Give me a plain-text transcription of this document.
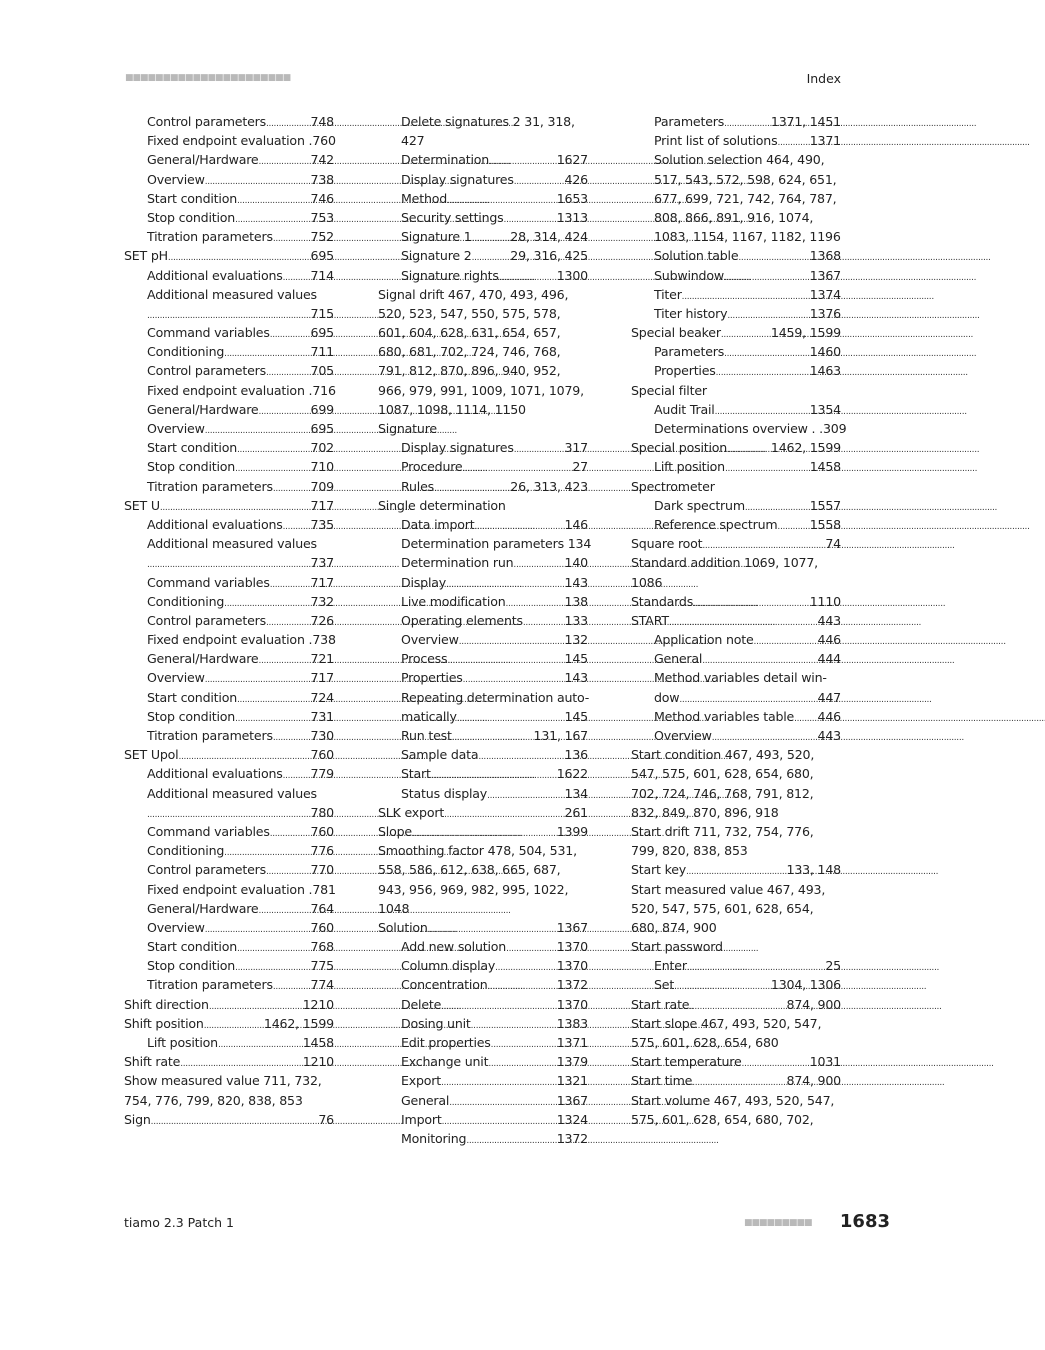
■■■■■■■■■■■■■■■■■■■■■■	Index
Control parameters . . .	748
Fixed endpoint evaluation . 760
General/Hardware . . .	742
Overview . . .	738
Start condition . . .	746
Stop condition . . .	753
Titration parameters . . .	752
SET pH . . .	695
Additional evaluations . . . 714
Additional measured values
. . .
715
Command variables . . .	695
Conditioning . . .	711
Control parameters . . .	705
Fixed endpoint evaluation . 716
General/Hardware . . .	699
Overview . . .	695
Start condition . . .	702
Stop condition . . .	710
Titration parameters . . .	709
SET U . . .	717
Additional evaluations . . . 735
Additional measured values
. . .
737
Command variables . . .	717
Conditioning . . .	732
Control parameters . . .	726
Fixed endpoint evaluation . 738
General/Hardware . . .	721
Overview . . .	717
Start condition . . .	724
Stop condition . . .	731
Titration parameters . . .	730
SET Upol . . .	760
Additional evaluations . . . 779
Additional measured values
. . .
780
Command variables . . .	760
Conditioning . . .	776
Control parameters . . .	770
Fixed endpoint evaluation . 781
General/Hardware . . .	764
Overview . . .	760
Start condition . . .	768
Stop condition . . .	775
Titration parameters . . .	774
Shift direction . . .	1210
Shift position . . .	1462, 1599
Lift position . . .	1458
Shift rate . . .	1210
Show measured value 711, 732,
754, 776, 799, 820, 838, 853
Sign . . .	76
Delete signatures 2 31, 318,
427
Determination . . .	1627
Display signatures . . .	426
Method . . .	1653
Security settings . . .	1313
Signature 1 . . .	28, 314, 424
Signature 2 . . .	29, 316, 425
Signature rights . . .	1300
Signal drift 467, 470, 493, 496,
520, 523, 547, 550, 575, 578,
601, 604, 628, 631, 654, 657,
680, 681, 702, 724, 746, 768,
791, 812, 870, 896, 940, 952,
966, 979, 991, 1009, 1071, 1079,
1087, 1098, 1114, 1150
Signature
Display signatures . . .	317
Procedure . . .	27
Rules . . .	26, 313, 423
Single determination
Data import . . .	146
Determination parameters 134
Determination run . . .	140
Display . . .	143
Live modification . . .	138
Operating elements . . .	133
Overview . . .	132
Process . . .	145
Properties . . .	143
Repeating determination auto-
matically . . .	145
Run test . . .	131, 167
Sample data . . .	136
Start . . .	1622
Status display . . .	134
SLK export . . .	261
Slope . . .	1399
Smoothing factor 478, 504, 531,
558, 586, 612, 638, 665, 687,
943, 956, 969, 982, 995, 1022,
1048
Solution . . .	1367
Add new solution . . .	1370
Column display . . .	1370
Concentration . . .	1372
Delete . . .	1370
Dosing unit . . .	1383
Edit properties . . .	1371
Exchange unit . . .	1379
Export . . .	1321
General . . .	1367
Import . . .	1324
Monitoring . . .	1372
Parameters . . .	1371, 1451
Print list of solutions . . .	1371
Solution selection 464, 490,
517, 543, 572, 598, 624, 651,
677, 699, 721, 742, 764, 787,
808, 866, 891, 916, 1074,
1083, 1154, 1167, 1182, 1196
Solution table . . .	1368
Subwindow . . .	1367
Titer . . .	1374
Titer history . . .	1376
Special beaker . . .	1459, 1599
Parameters . . .	1460
Properties . . .	1463
Special filter
Audit Trail . . .	1354
Determinations overview . . 309
Special position . . .	1462, 1599
Lift position . . .	1458
Spectrometer
Dark spectrum . . .	1557
Reference spectrum . . .	1558
Square root . . .	74
Standard addition 1069, 1077,
1086
Standards . . .	1110
START . . .	443
Application note . . .	446
General . . .	444
Method variables detail win-
dow . . .	447
Method variables table . . . 446
Overview . . .	443
Start condition 467, 493, 520,
547, 575, 601, 628, 654, 680,
702, 724, 746, 768, 791, 812,
832, 849, 870, 896, 918
Start drift 711, 732, 754, 776,
799, 820, 838, 853
Start key . . .	133, 148
Start measured value 467, 493,
520, 547, 575, 601, 628, 654,
680, 874, 900
Start password
Enter . . .	25
Set . . .	1304, 1306
Start rate . . .	874, 900
Start slope 467, 493, 520, 547,
575, 601, 628, 654, 680
Start temperature . . .	1031
Start time . . .	874, 900
Start volume 467, 493, 520, 547,
575, 601, 628, 654, 680, 702,
tiamo 2.3 Patch 1	■■■■■■■■■ 1683
